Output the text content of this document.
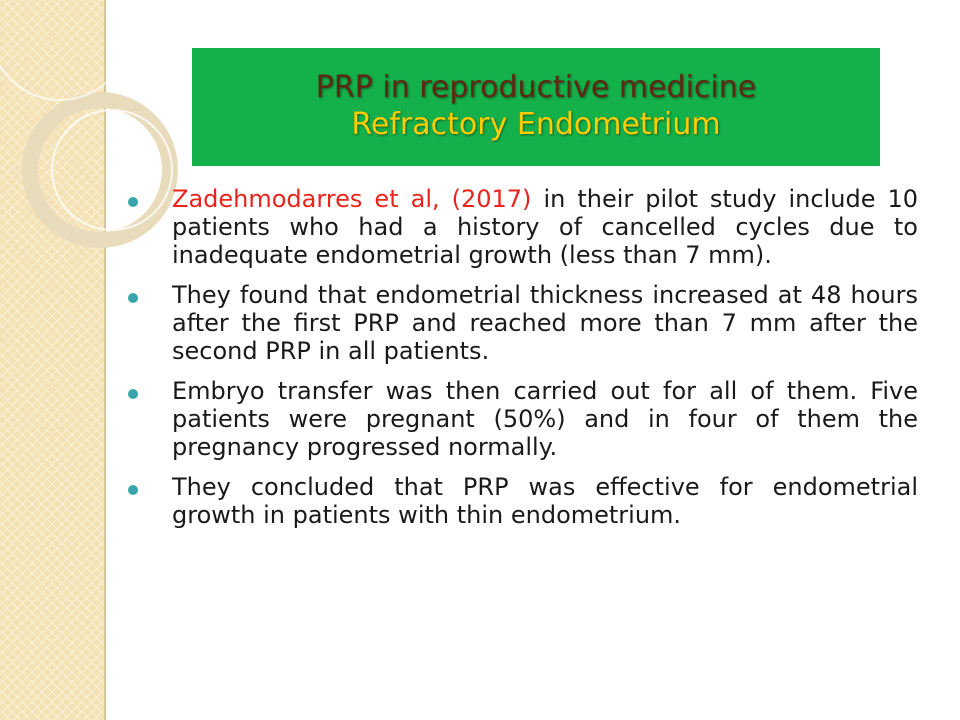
PRP in reproductive medicine
Refractory Endometrium
Zadehmodarres et al, (2017) in their pilot study include 10 patients who had a history of cancelled cycles due to inadequate endometrial growth (less than 7 mm).
They found that endometrial thickness increased at 48 hours after the first PRP and reached more than 7 mm after the second PRP in all patients.
Embryo transfer was then carried out for all of them. Five patients were pregnant (50%) and in four of them the pregnancy progressed normally.
They concluded that PRP was effective for endometrial growth in patients with thin endometrium.
